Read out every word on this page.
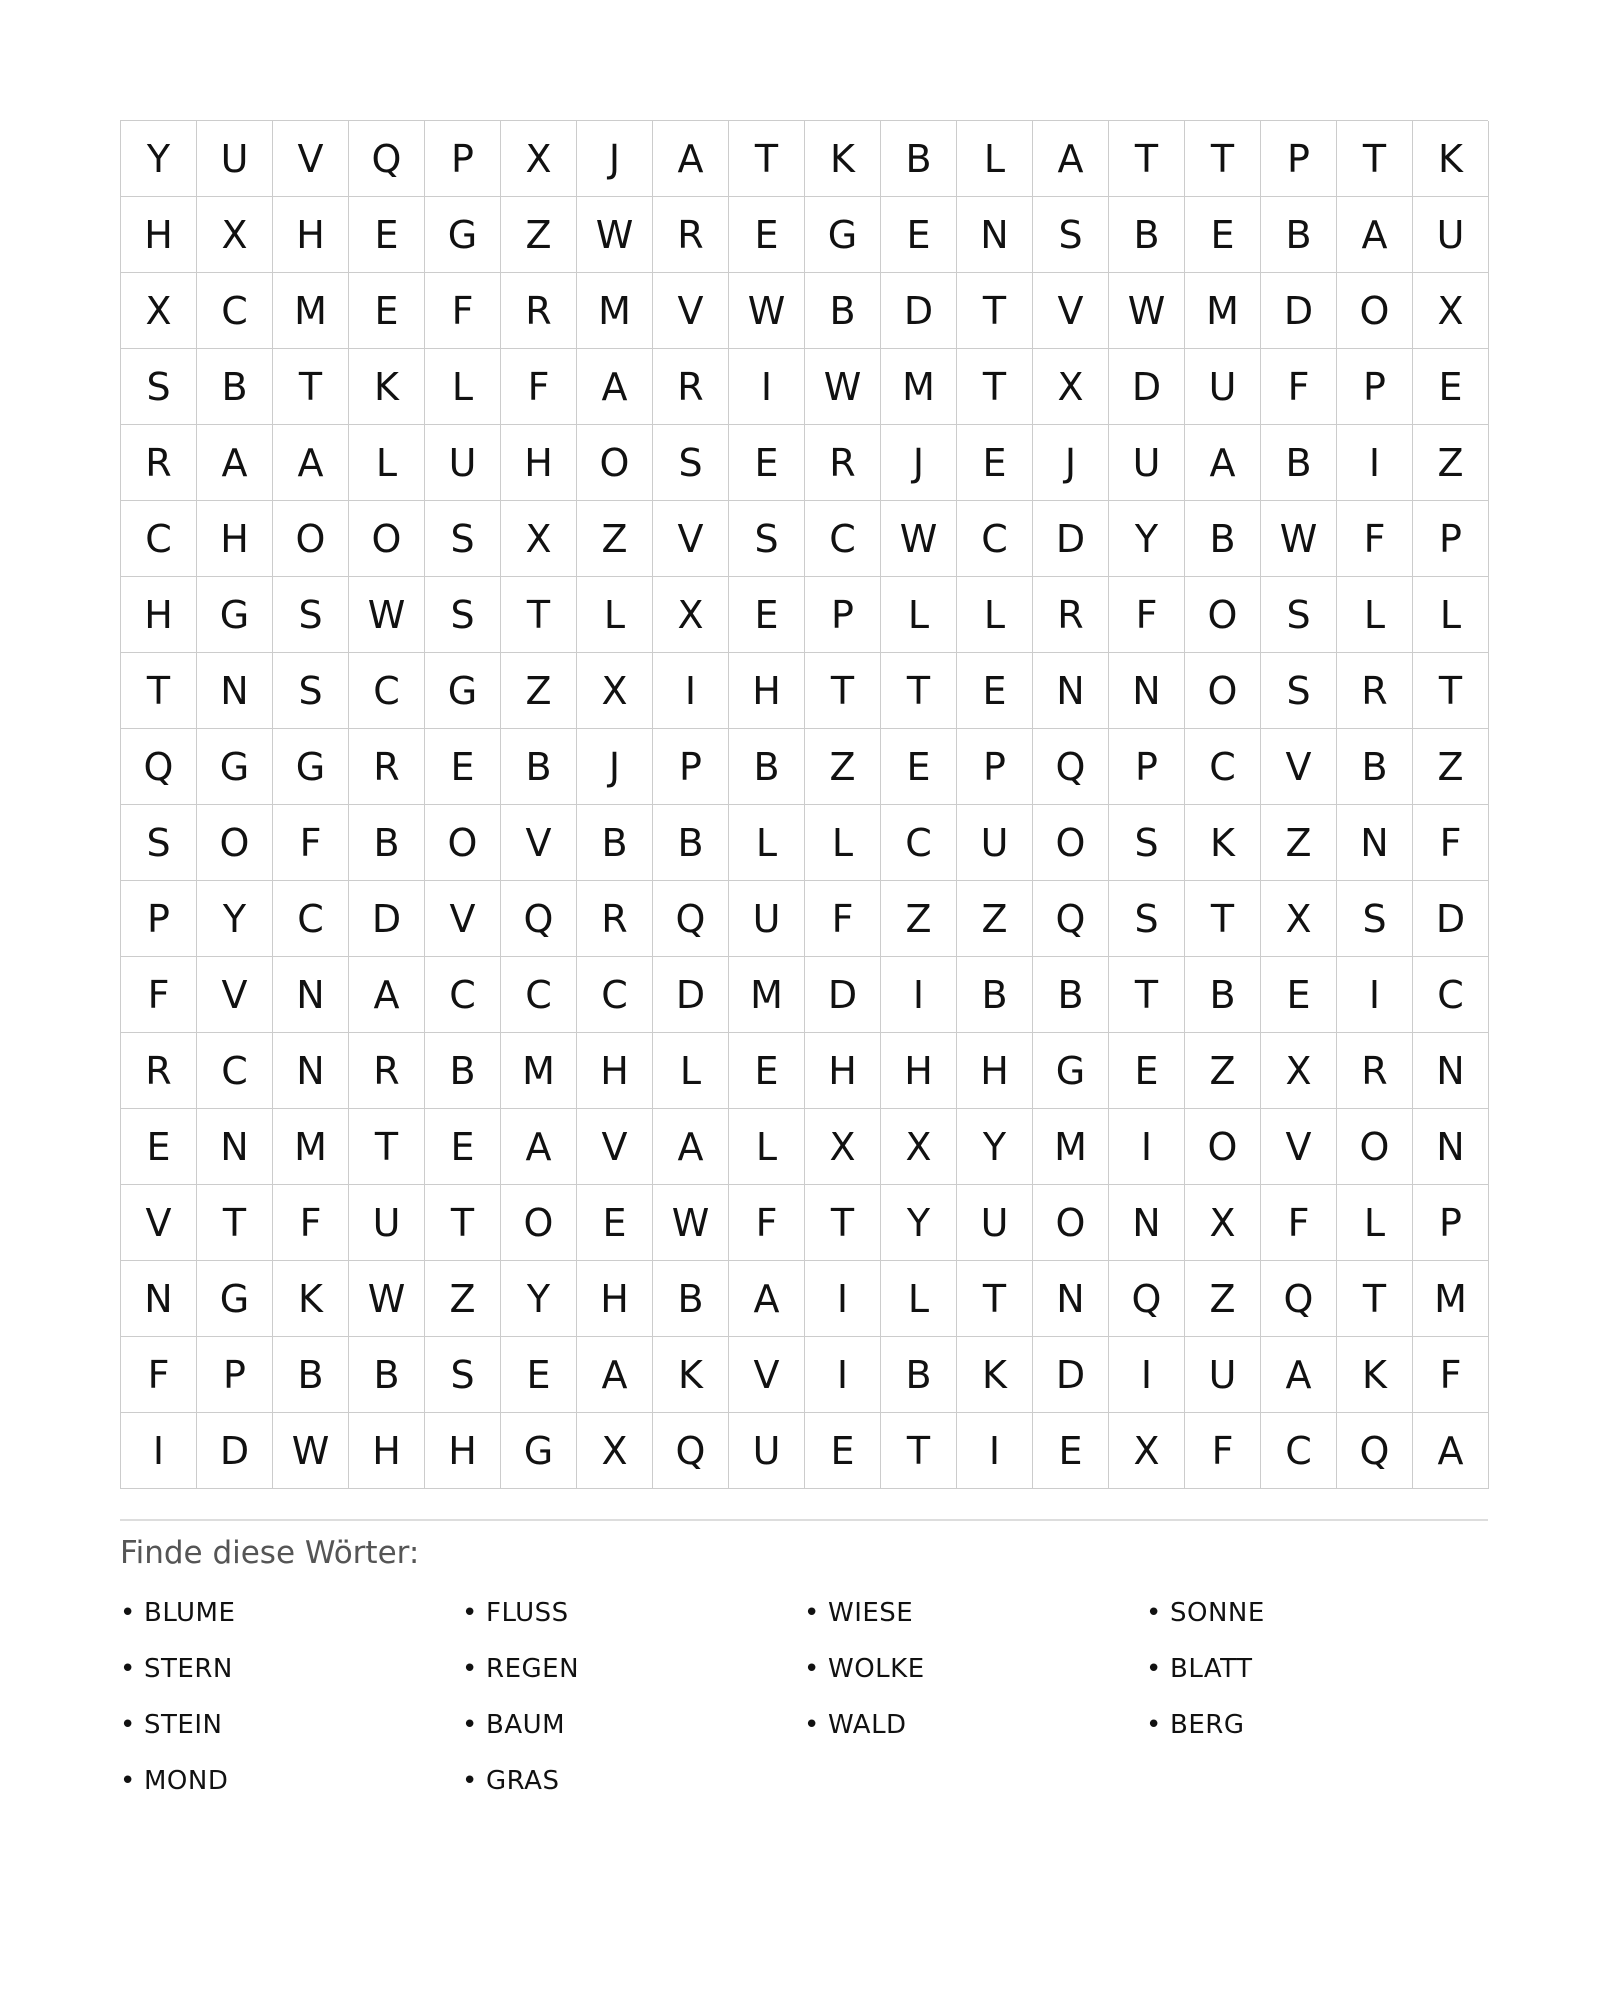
Y	U	V	Q	P	X	J	A	T	K	B	L	A	T	T	P	T	K
H	X	H	E	G	Z	W	R	E	G	E	N	S	B	E	B	A	U
X	C	M	E	F	R	M	V	W	B	D	T	V	W	M	D	O	X
S	B	T	K	L	F	A	R	I	W	M	T	X	D	U	F	P	E
R	A	A	L	U	H	O	S	E	R	J	E	J	U	A	B	I	Z
C	H	O	O	S	X	Z	V	S	C	W	C	D	Y	B	W	F	P
H	G	S	W	S	T	L	X	E	P	L	L	R	F	O	S	L	L
T	N	S	C	G	Z	X	I	H	T	T	E	N	N	O	S	R	T
Q	G	G	R	E	B	J	P	B	Z	E	P	Q	P	C	V	B	Z
S	O	F	B	O	V	B	B	L	L	C	U	O	S	K	Z	N	F
P	Y	C	D	V	Q	R	Q	U	F	Z	Z	Q	S	T	X	S	D
F	V	N	A	C	C	C	D	M	D	I	B	B	T	B	E	I	C
R	C	N	R	B	M	H	L	E	H	H	H	G	E	Z	X	R	N
E	N	M	T	E	A	V	A	L	X	X	Y	M	I	O	V	O	N
V	T	F	U	T	O	E	W	F	T	Y	U	O	N	X	F	L	P
N	G	K	W	Z	Y	H	B	A	I	L	T	N	Q	Z	Q	T	M
F	P	B	B	S	E	A	K	V	I	B	K	D	I	U	A	K	F
I	D	W	H	H	G	X	Q	U	E	T	I	E	X	F	C	Q	A
Finde diese Wörter:
• BLUME	• FLUSS	• WIESE	• SONNE
• STERN	• REGEN	• WOLKE	• BLATT
• STEIN	• BAUM	• WALD	• BERG
• MOND	• GRAS
